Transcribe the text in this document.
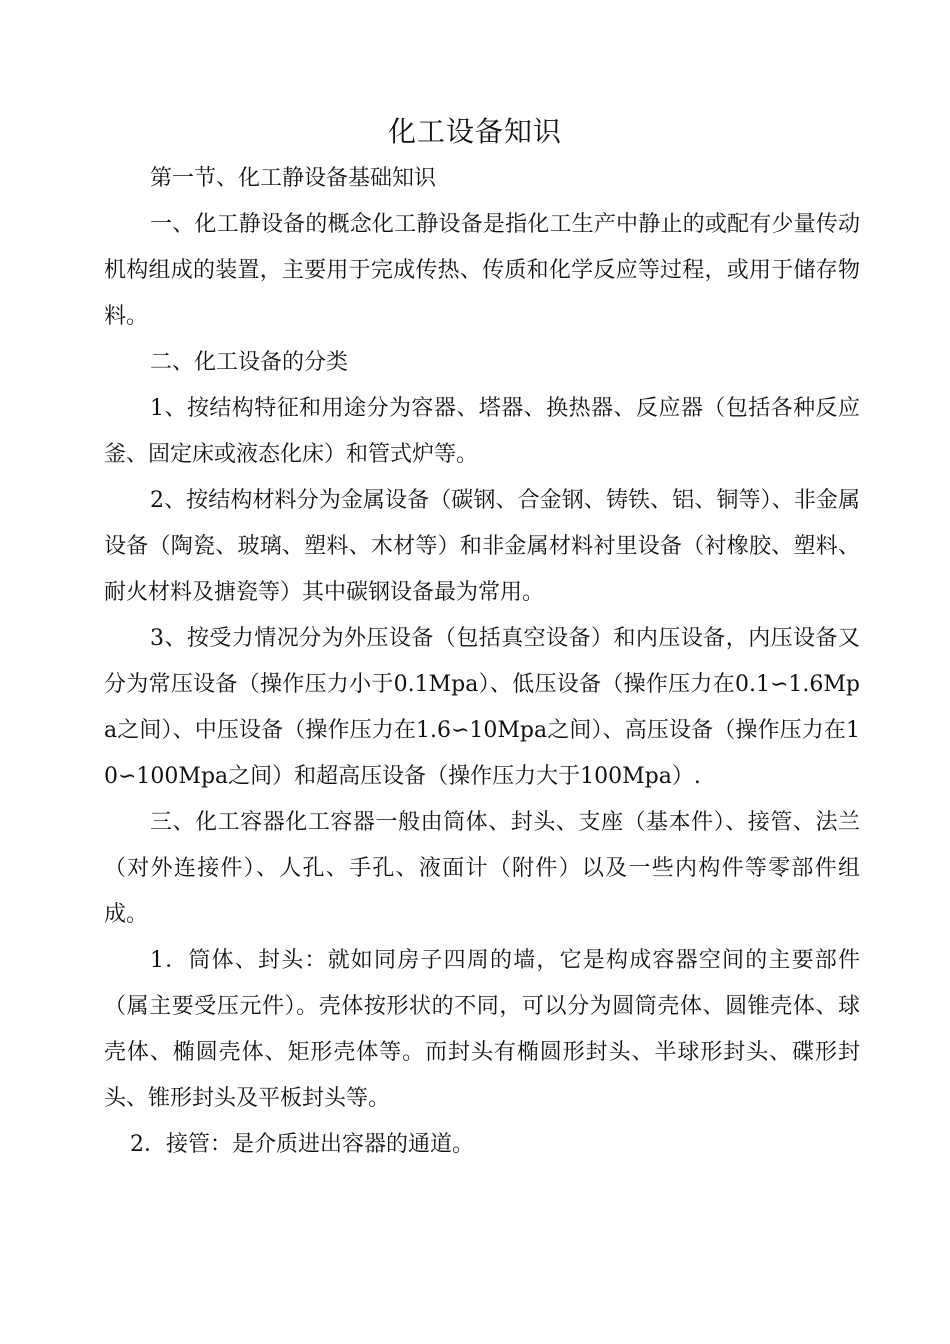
化工设备知识

第一节、化工静设备基础知识

一、化工静设备的概念化工静设备是指化工生产中静止的或配有少量传动机构组成的装置，主要用于完成传热、传质和化学反应等过程，或用于储存物料。

二、化工设备的分类

1、按结构特征和用途分为容器、塔器、换热器、反应器（包括各种反应釜、固定床或液态化床）和管式炉等。

2、按结构材料分为金属设备（碳钢、合金钢、铸铁、铝、铜等）、非金属设备（陶瓷、玻璃、塑料、木材等）和非金属材料衬里设备（衬橡胶、塑料、耐火材料及搪瓷等）其中碳钢设备最为常用。

3、按受力情况分为外压设备（包括真空设备）和内压设备，内压设备又分为常压设备（操作压力小于0.1Mpa）、低压设备（操作压力在0.1∽1.6Mpa之间）、中压设备（操作压力在1.6∽10Mpa之间）、高压设备（操作压力在10∽100Mpa之间）和超高压设备（操作压力大于100Mpa）.

三、化工容器化工容器一般由筒体、封头、支座（基本件）、接管、法兰（对外连接件）、人孔、手孔、液面计（附件）以及一些内构件等零部件组成。

1．筒体、封头：就如同房子四周的墙，它是构成容器空间的主要部件（属主要受压元件）。壳体按形状的不同，可以分为圆筒壳体、圆锥壳体、球壳体、椭圆壳体、矩形壳体等。而封头有椭圆形封头、半球形封头、碟形封头、锥形封头及平板封头等。

2．接管：是介质进出容器的通道。
